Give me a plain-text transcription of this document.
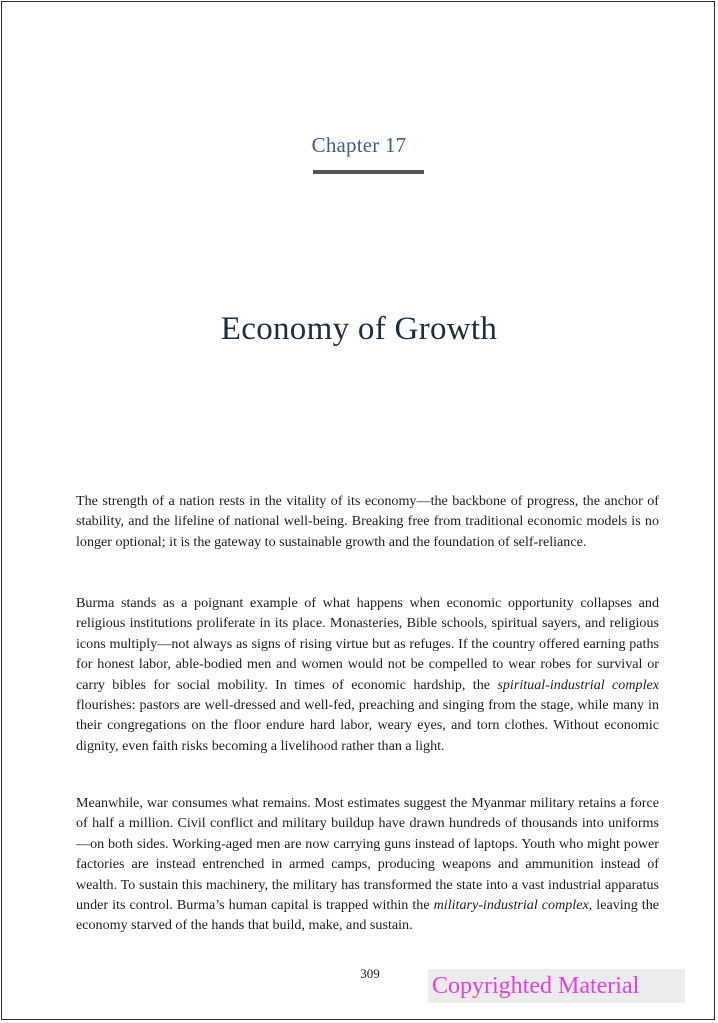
Chapter 17
Economy of Growth

The strength of a nation rests in the vitality of its economy—the backbone of progress, the anchor of stability, and the lifeline of national well-being. Breaking free from traditional economic models is no longer optional; it is the gateway to sustainable growth and the foundation of self-reliance.

Burma stands as a poignant example of what happens when economic opportunity collapses and religious institutions proliferate in its place. Monasteries, Bible schools, spiritual sayers, and religious icons multiply—not always as signs of rising virtue but as refuges. If the country offered earning paths for honest labor, able-bodied men and women would not be compelled to wear robes for survival or carry bibles for social mobility. In times of economic hardship, the spiritual-industrial complex flourishes: pastors are well-dressed and well-fed, preaching and singing from the stage, while many in their congregations on the floor endure hard labor, weary eyes, and torn clothes. Without economic dignity, even faith risks becoming a livelihood rather than a light.

Meanwhile, war consumes what remains. Most estimates suggest the Myanmar military retains a force of half a million. Civil conflict and military buildup have drawn hundreds of thousands into uniforms—on both sides. Working-aged men are now carrying guns instead of laptops. Youth who might power factories are instead entrenched in armed camps, producing weapons and ammunition instead of wealth. To sustain this machinery, the military has transformed the state into a vast industrial apparatus under its control. Burma’s human capital is trapped within the military-industrial complex, leaving the economy starved of the hands that build, make, and sustain.

309	Copyrighted Material
